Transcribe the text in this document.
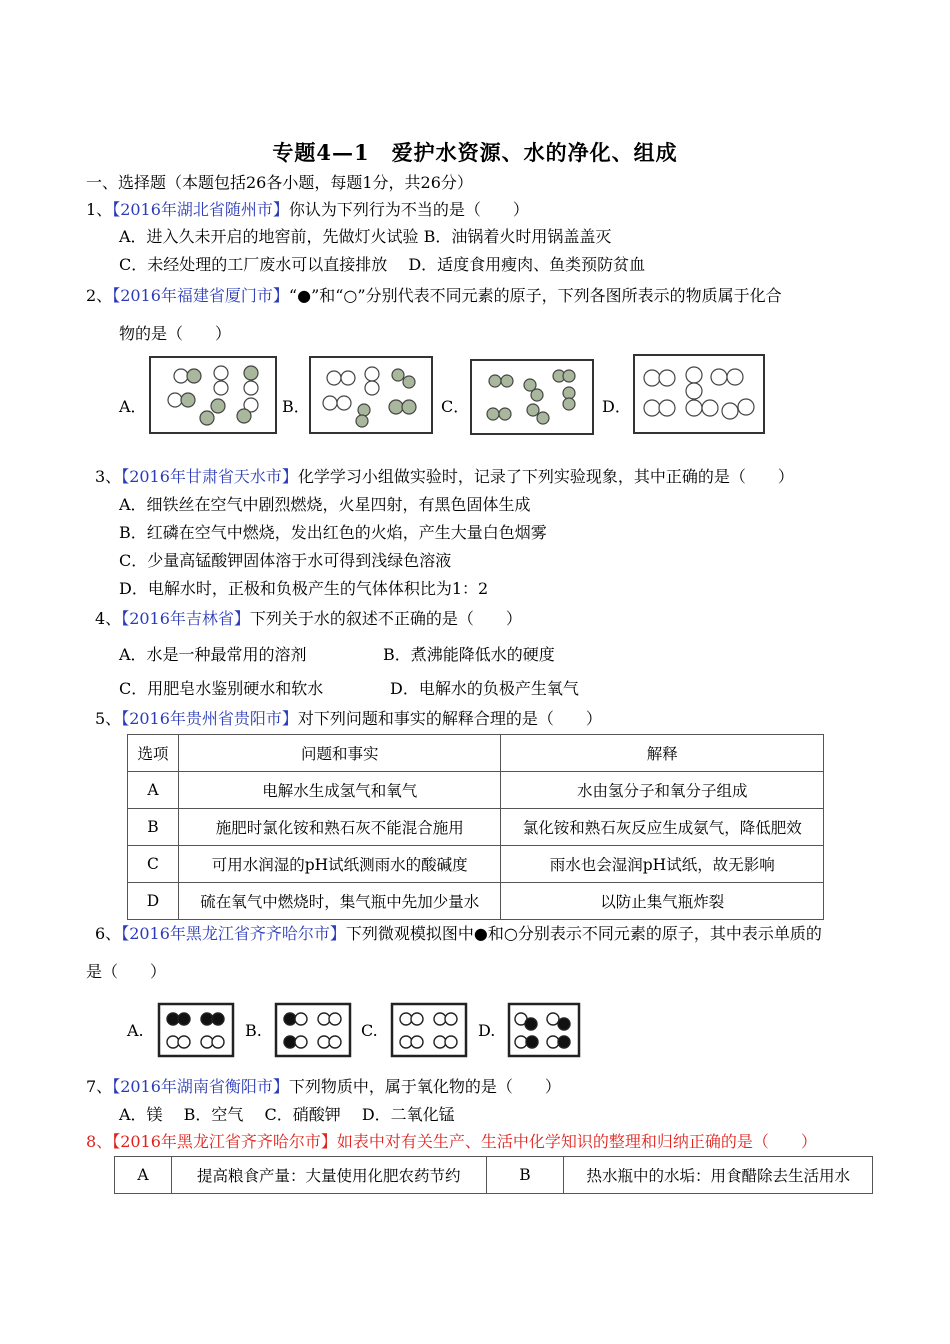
专题4—1　爱护水资源、水的净化、组成
一、选择题（本题包括26各小题，每题1分，共26分）
1、【2016年湖北省随州市】你认为下列行为不当的是（　　）
A．进入久未开启的地窖前，先做灯火试验 B．油锅着火时用锅盖盖灭
C．未经处理的工厂废水可以直接排放　 D．适度食用瘦肉、鱼类预防贫血
2、【2016年福建省厦门市】“●”和“○”分别代表不同元素的原子，下列各图所表示的物质属于化合
物的是（　　）
A．	B．	C．	D．
3、【2016年甘肃省天水市】化学学习小组做实验时，记录了下列实验现象，其中正确的是（　　）
A．细铁丝在空气中剧烈燃烧，火星四射，有黑色固体生成
B．红磷在空气中燃烧，发出红色的火焰，产生大量白色烟雾
C．少量高锰酸钾固体溶于水可得到浅绿色溶液
D．电解水时，正极和负极产生的气体体积比为1：2
4、【2016年吉林省】下列关于水的叙述不正确的是（　　）
A．水是一种最常用的溶剂	B．煮沸能降低水的硬度
C．用肥皂水鉴别硬水和软水	D．电解水的负极产生氧气
5、【2016年贵州省贵阳市】对下列问题和事实的解释合理的是（　　）
选项	问题和事实	解释
A	电解水生成氢气和氧气	水由氢分子和氧分子组成
B	施肥时氯化铵和熟石灰不能混合施用	氯化铵和熟石灰反应生成氨气，降低肥效
C	可用水润湿的pH试纸测雨水的酸碱度	雨水也会湿润pH试纸，故无影响
D	硫在氧气中燃烧时，集气瓶中先加少量水	以防止集气瓶炸裂
6、【2016年黑龙江省齐齐哈尔市】下列微观模拟图中●和○分别表示不同元素的原子，其中表示单质的
是（　　）
A.	B.	C.	D.
7、【2016年湖南省衡阳市】下列物质中，属于氧化物的是（　　）
A．镁　 B．空气　 C．硝酸钾　 D．二氧化锰
8、【2016年黑龙江省齐齐哈尔市】如表中对有关生产、生活中化学知识的整理和归纳正确的是（　　）
A	提高粮食产量：大量使用化肥农药节约	B	热水瓶中的水垢：用食醋除去生活用水
